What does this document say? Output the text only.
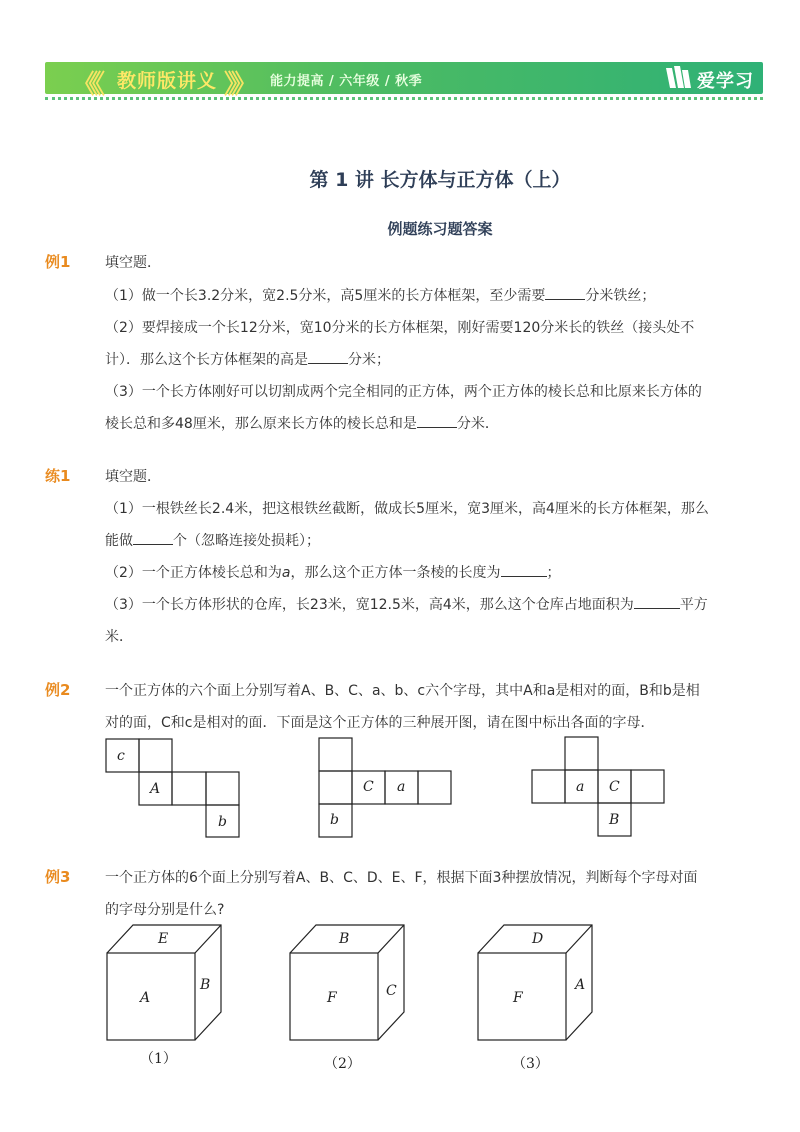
《《 教师版讲义 》》 能力提高 / 六年级 / 秋季	爱学习
第 1 讲 长方体与正方体（上）
例题练习题答案
例1 填空题．
（1）做一个长3.2分米，宽2.5分米，高5厘米的长方体框架，至少需要	分米铁丝；
（2）要焊接成一个长12分米，宽10分米的长方体框架，刚好需要120分米长的铁丝（接头处不
计）．那么这个长方体框架的高是	分米；
（3）一个长方体刚好可以切割成两个完全相同的正方体，两个正方体的棱长总和比原来长方体的
棱长总和多48厘米，那么原来长方体的棱长总和是	分米．
练1 填空题．
（1）一根铁丝长2.4米，把这根铁丝截断，做成长5厘米，宽3厘米，高4厘米的长方体框架，那么
能做	个（忽略连接处损耗）；
（2）一个正方体棱长总和为a，那么这个正方体一条棱的长度为	；
（3）一个长方体形状的仓库，长23米，宽12.5米，高4米，那么这个仓库占地面积为	平方
米．
例2 一个正方体的六个面上分别写着A、B、C、a、b、c六个字母，其中A和a是相对的面，B和b是相
对的面，C和c是相对的面．下面是这个正方体的三种展开图，请在图中标出各面的字母．
c
A
b
C a
b
a C
B
例3 一个正方体的6个面上分别写着A、B、C、D、E、F，根据下面3种摆放情况，判断每个字母对面
的字母分别是什么?
E
A
B
（1）
B
F	C
（2）
D
F
A
（3）
